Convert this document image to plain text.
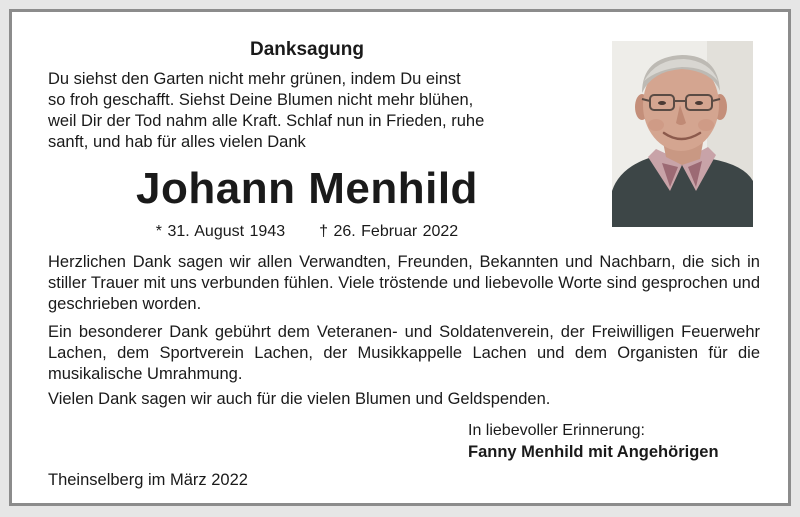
Danksagung
Du siehst den Garten nicht mehr grünen, indem Du einst
so froh geschafft. Siehst Deine Blumen nicht mehr blühen,
weil Dir der Tod nahm alle Kraft. Schlaf nun in Frieden, ruhe
sanft, und hab für alles vielen Dank
Johann Menhild
* 31. August 1943 † 26. Februar 2022
Herzlichen Dank sagen wir allen Verwandten, Freunden, Bekannten und Nachbarn, die sich in stiller Trauer mit uns verbunden fühlen. Viele tröstende und liebevolle Worte sind gesprochen und geschrieben worden.
Ein besonderer Dank gebührt dem Veteranen- und Soldatenverein, der Freiwilligen Feuerwehr Lachen, dem Sportverein Lachen, der Musikkappelle Lachen und dem Organisten für die musikalische Umrahmung.
Vielen Dank sagen wir auch für die vielen Blumen und Geldspenden.
In liebevoller Erinnerung:
Fanny Menhild mit Angehörigen
Theinselberg im März 2022
